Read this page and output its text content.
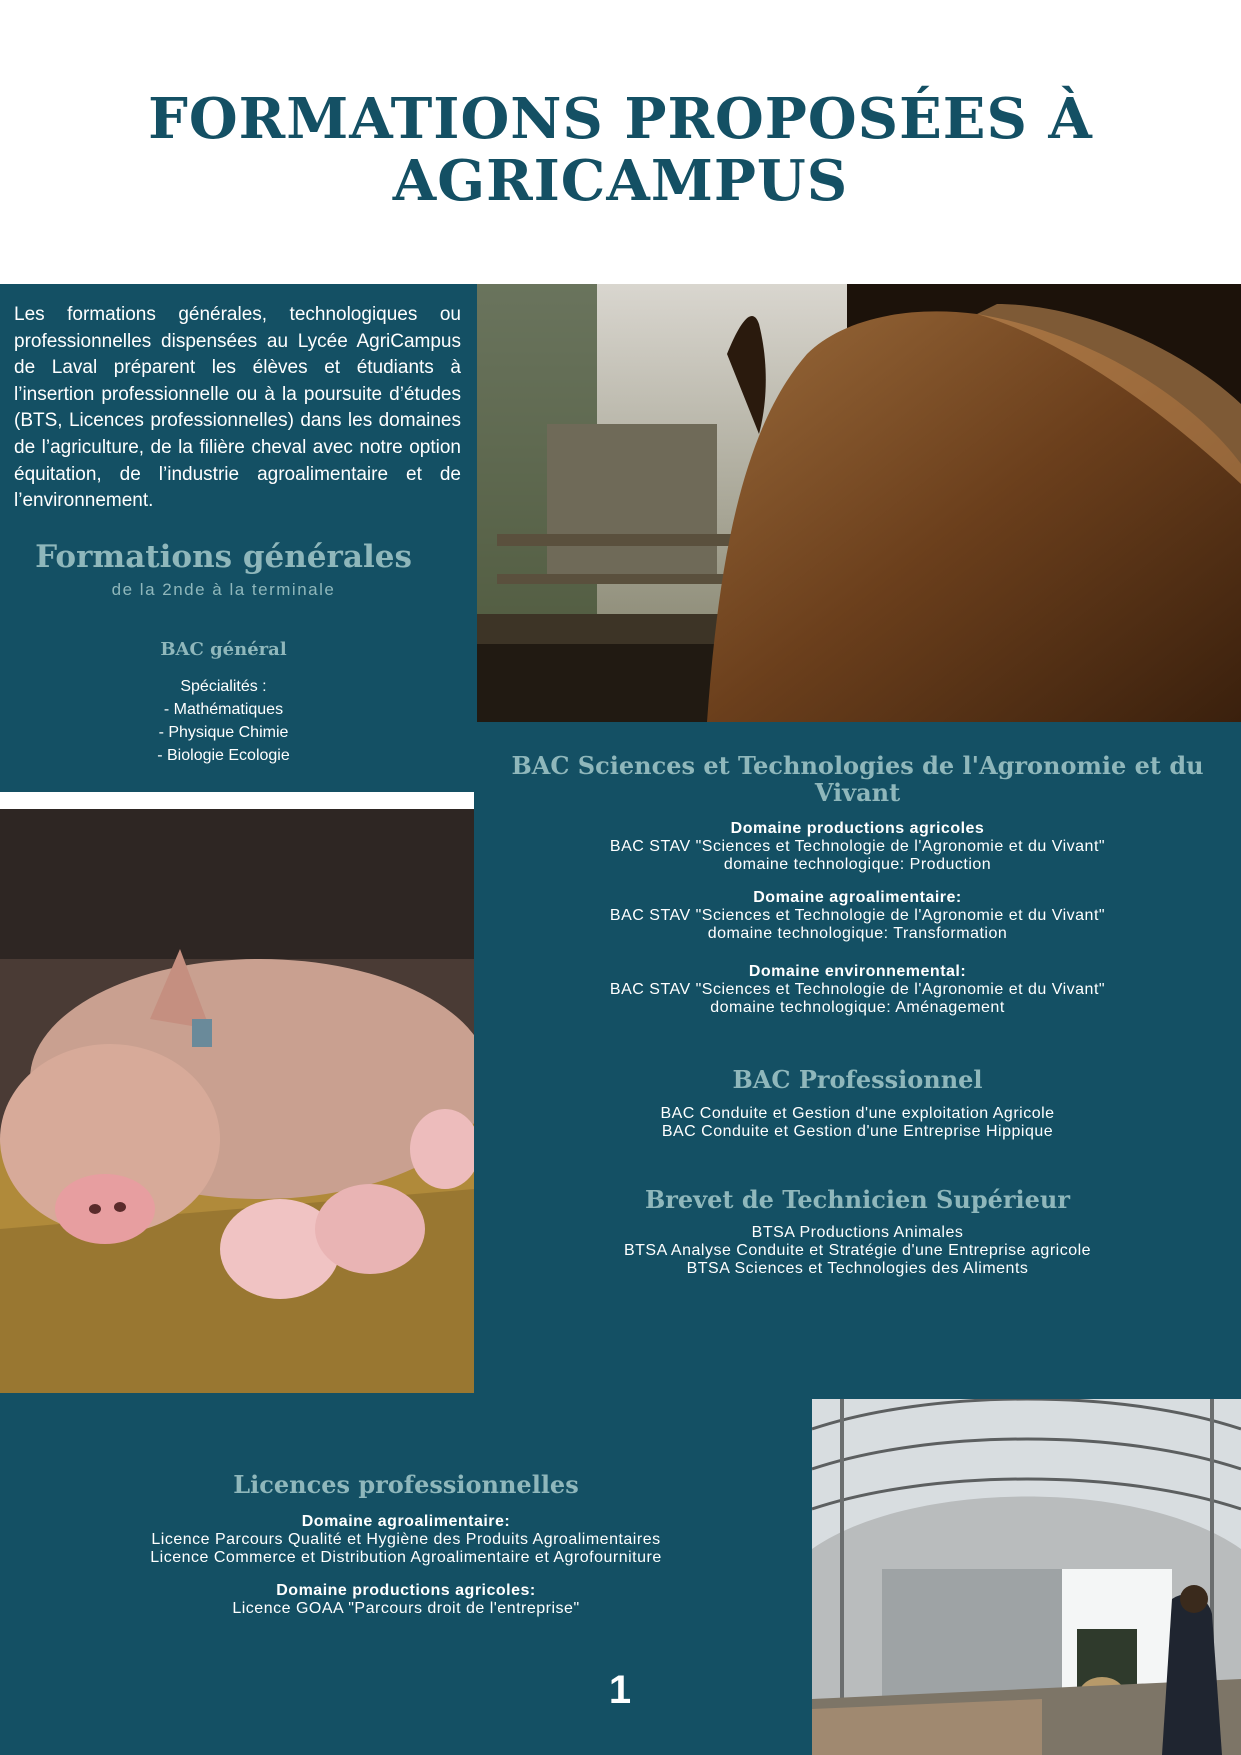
FORMATIONS PROPOSÉES À
AGRICAMPUS

Les formations générales, technologiques ou professionnelles dispensées au Lycée AgriCampus de Laval préparent les élèves et étudiants à l’insertion professionnelle ou à la poursuite d’études (BTS, Licences professionnelles) dans les domaines de l’agriculture, de la filière cheval avec notre option équitation, de l’industrie agroalimentaire et de l’environnement.

Formations générales
de la 2nde à la terminale
BAC général
Spécialités :
- Mathématiques
- Physique Chimie
- Biologie Ecologie	BAC Sciences et Technologies de l'Agronomie et du Vivant
Domaine productions agricoles
BAC STAV "Sciences et Technologie de l'Agronomie et du Vivant"
domaine technologique: Production
Domaine agroalimentaire:
BAC STAV "Sciences et Technologie de l'Agronomie et du Vivant"
domaine technologique: Transformation
Domaine environnemental:
BAC STAV "Sciences et Technologie de l'Agronomie et du Vivant"
domaine technologique: Aménagement
BAC Professionnel
BAC Conduite et Gestion d'une exploitation Agricole
BAC Conduite et Gestion d'une Entreprise Hippique
Brevet de Technicien Supérieur
BTSA Productions Animales
BTSA Analyse Conduite et Stratégie d'une Entreprise agricole
BTSA Sciences et Technologies des Aliments
Licences professionnelles
Domaine agroalimentaire:
Licence Parcours Qualité et Hygiène des Produits Agroalimentaires
Licence Commerce et Distribution Agroalimentaire et Agrofourniture
Domaine productions agricoles:
Licence GOAA "Parcours droit de l'entreprise"
1
